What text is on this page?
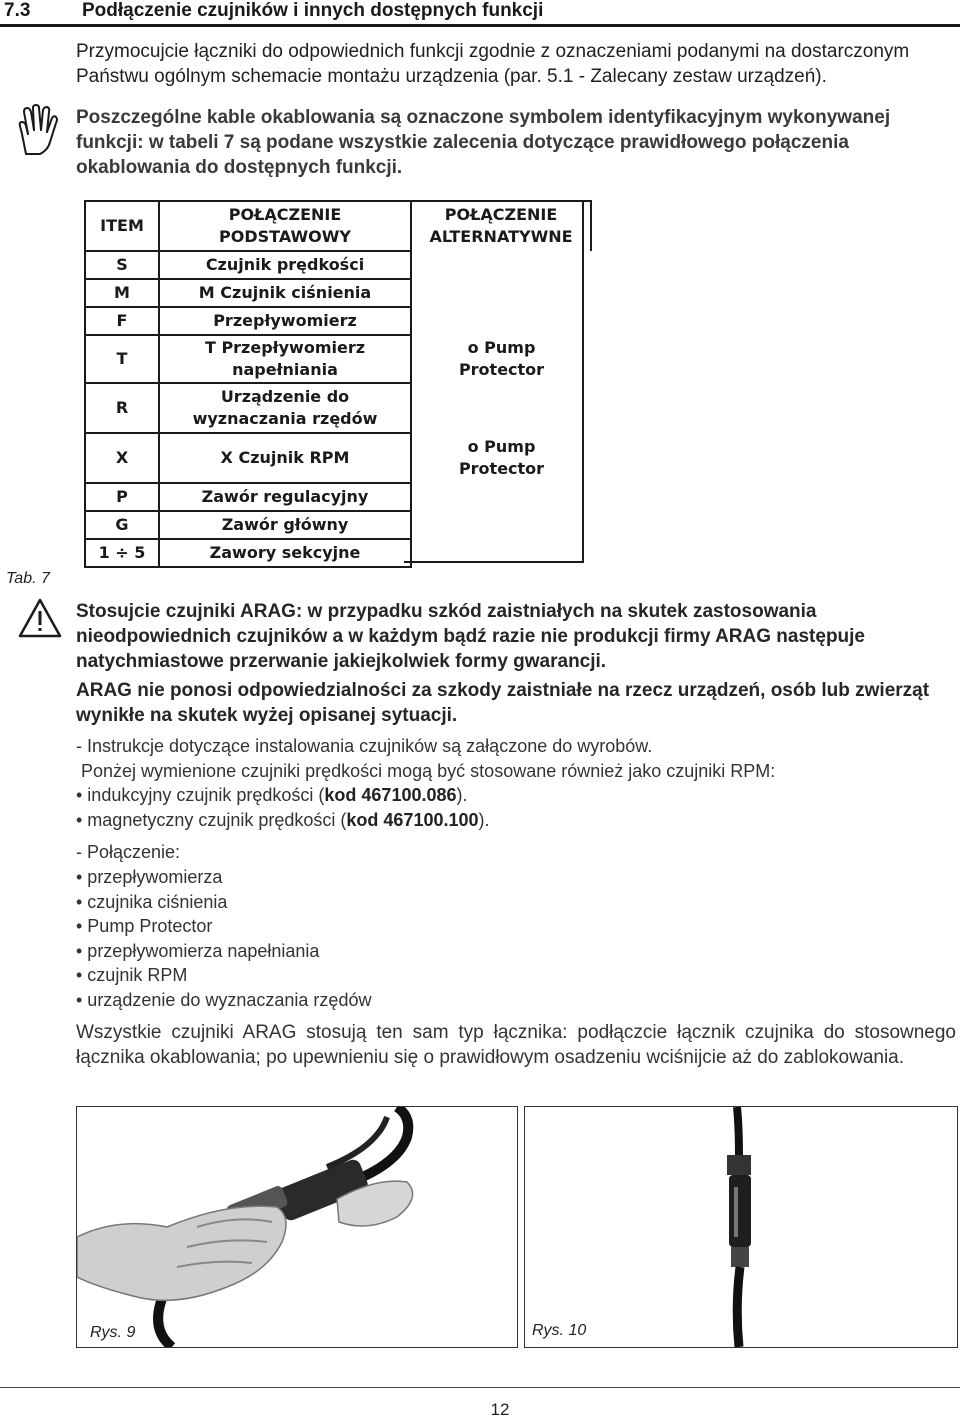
7.3	Podłączenie czujników i innych dostępnych funkcji
Przymocujcie łączniki do odpowiednich funkcji zgodnie z oznaczeniami podanymi na dostarczonym Państwu ogólnym schemacie montażu urządzenia (par. 5.1 - Zalecany zestaw urządzeń).
Poszczególne kable okablowania są oznaczone symbolem identyfikacyjnym wykonywanej funkcji: w tabeli 7 są podane wszystkie zalecenia dotyczące prawidłowego połączenia okablowania do dostępnych funkcji.
ITEM	POŁĄCZENIE PODSTAWOWY	POŁĄCZENIE ALTERNATYWNE

S	Czujnik prędkości	
M	M Czujnik ciśnienia	
F	Przepływomierz	
T	T Przepływomierz napełniania	o Pump Protector

R	Urządzenie do wyznaczania rzędów	

X	X Czujnik RPM	o Pump Protector

P	Zawór regulacyjny	
G	Zawór główny	
1 ÷ 5	Zawory sekcyjne	
Tab. 7
Stosujcie czujniki ARAG: w przypadku szkód zaistniałych na skutek zastosowania nieodpowiednich czujników a w każdym bądź razie nie produkcji firmy ARAG następuje natychmiastowe przerwanie jakiejkolwiek formy gwarancji.
ARAG nie ponosi odpowiedzialności za szkody zaistniałe na rzecz urządzeń, osób lub zwierząt wynikłe na skutek wyżej opisanej sytuacji.
- Instrukcje dotyczące instalowania czujników są załączone do wyrobów.
Ponżej wymienione czujniki prędkości mogą być stosowane również jako czujniki RPM:
• indukcyjny czujnik prędkości (kod 467100.086).
• magnetyczny czujnik prędkości (kod 467100.100).
- Połączenie:
• przepływomierza
• czujnika ciśnienia
• Pump Protector
• przepływomierza napełniania
• czujnik RPM
• urządzenie do wyznaczania rzędów
Wszystkie czujniki ARAG stosują ten sam typ łącznika: podłączcie łącznik czujnika do stosownego łącznika okablowania; po upewnieniu się o prawidłowym osadzeniu wciśnijcie aż do zablokowania.
Rys. 9	Rys. 10
12
